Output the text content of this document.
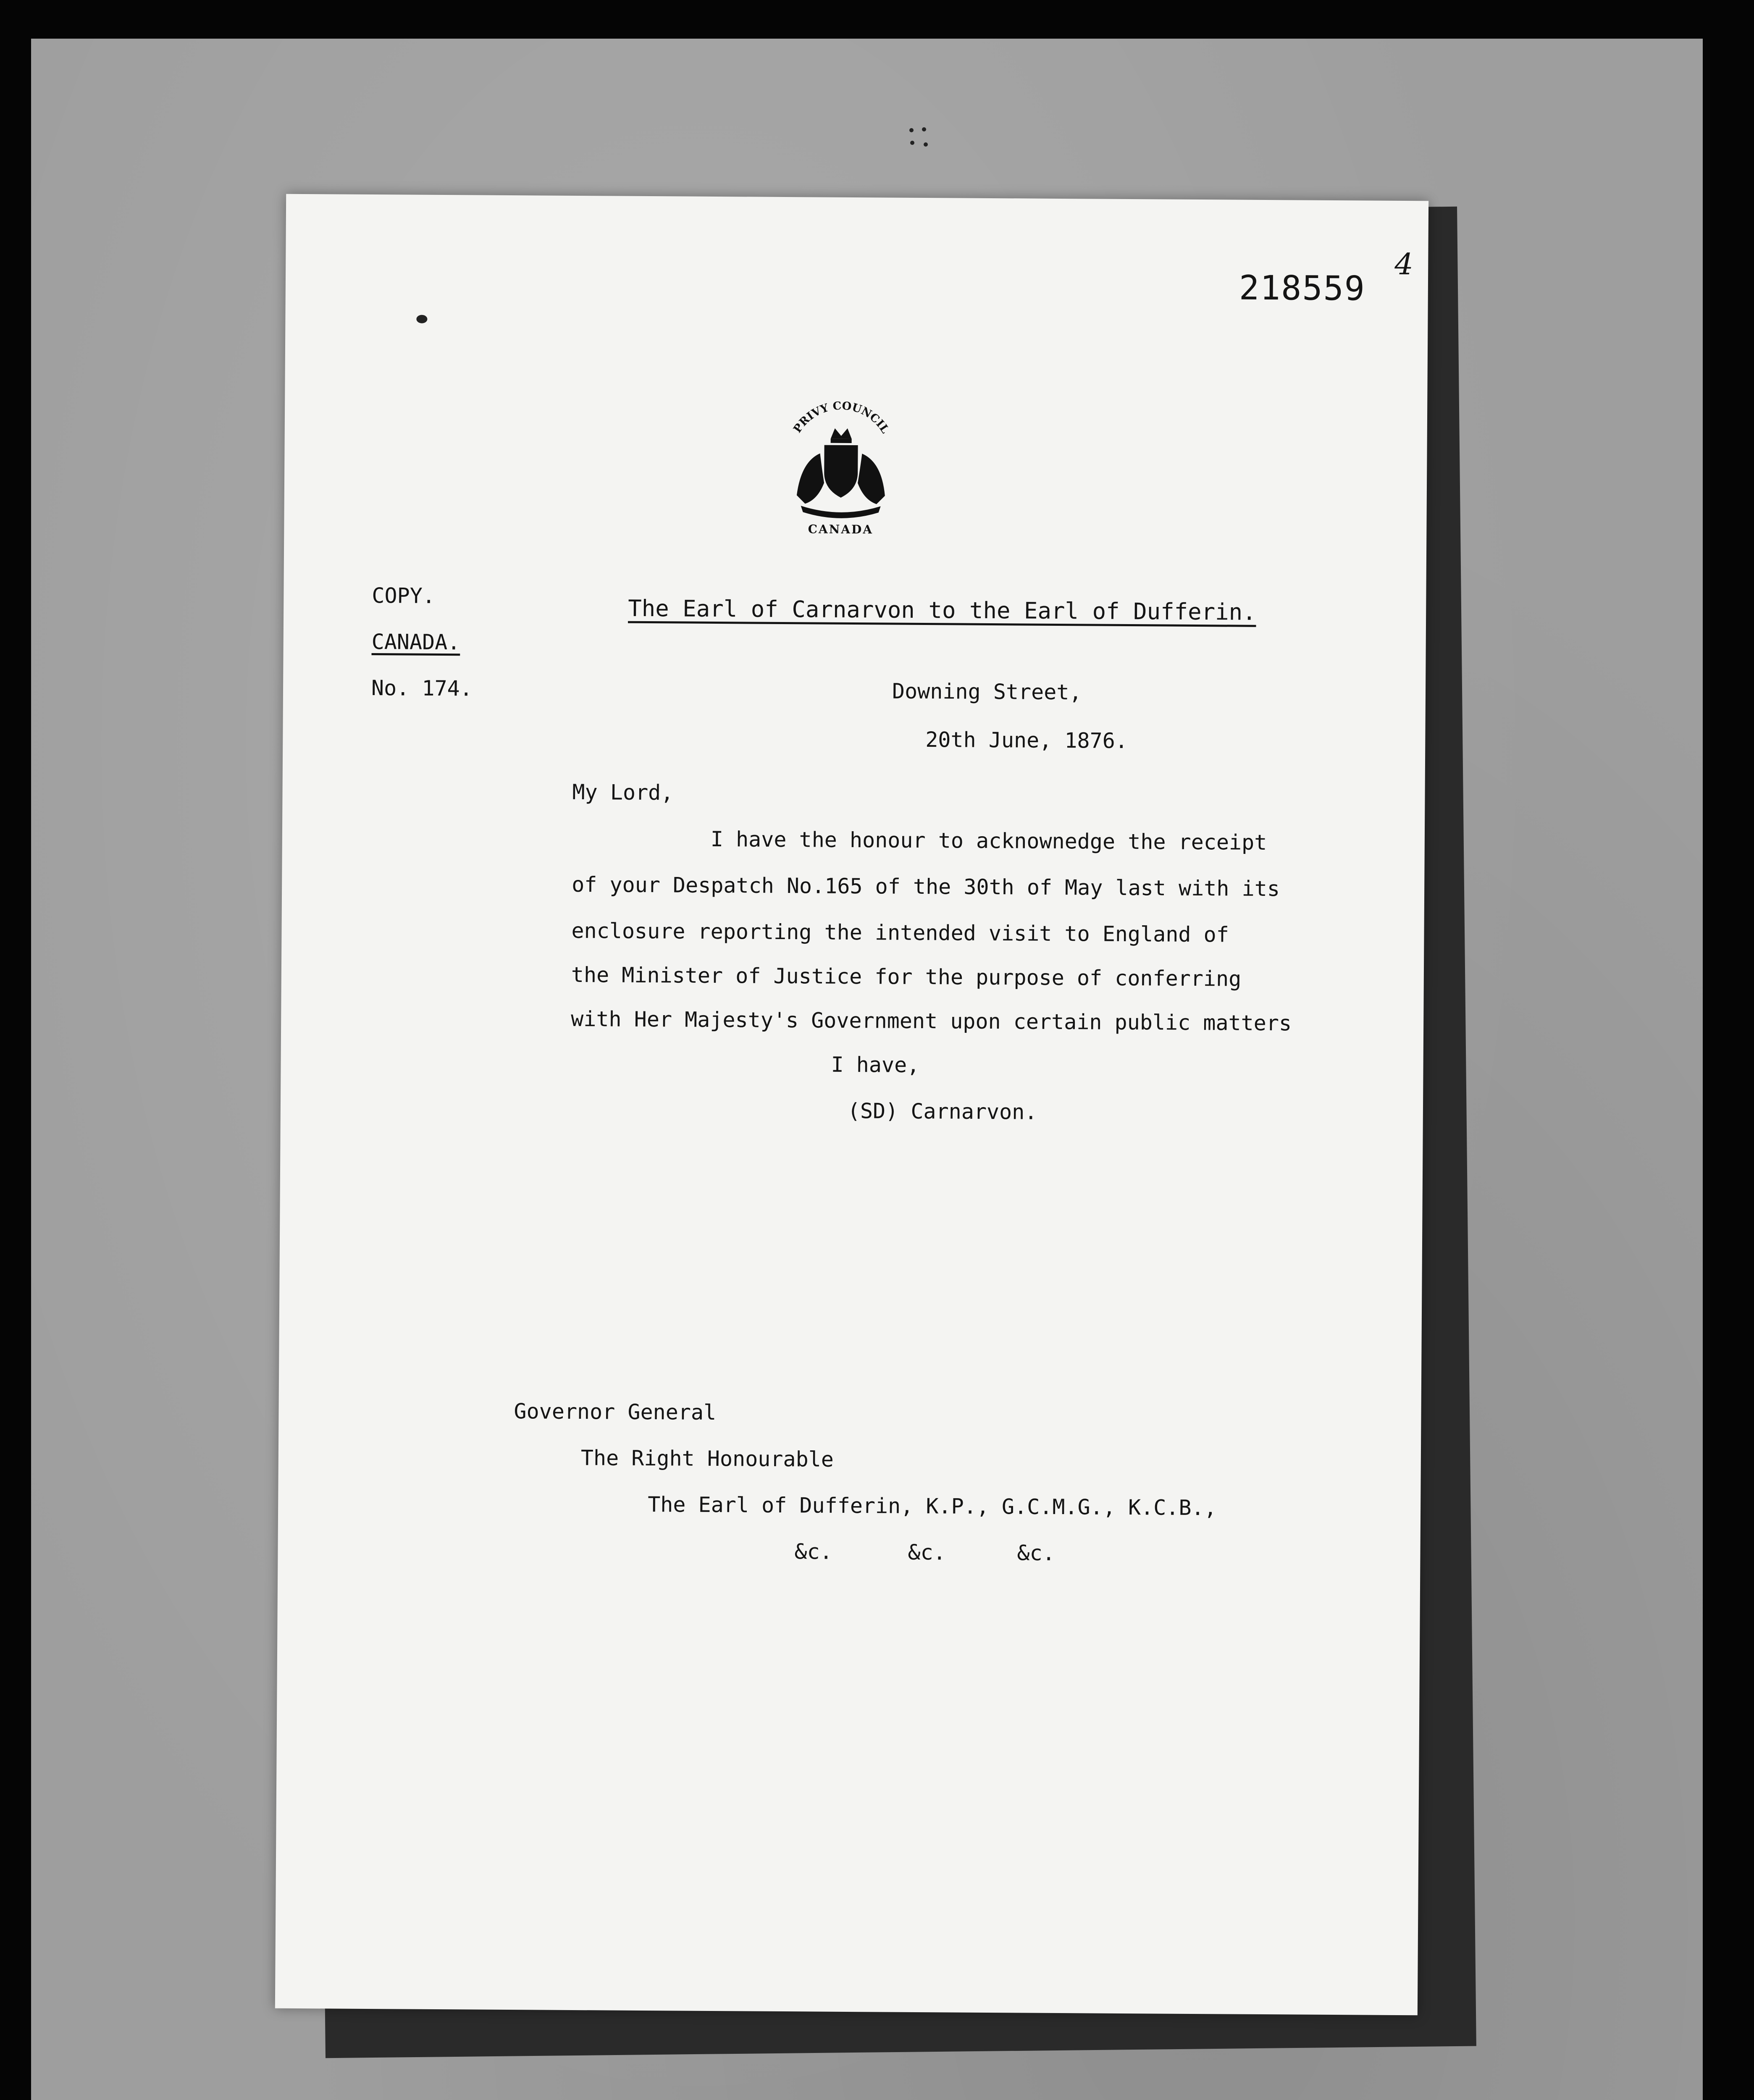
218559
4
PRIVY COUNCIL
CANADA
COPY.
CANADA.
No. 174.
The Earl of Carnarvon to the Earl of Dufferin.
Downing Street,
20th June, 1876.
My Lord,
I have the honour to acknownedge the receipt
of your Despatch No.165 of the 30th of May last with its
enclosure reporting the intended visit to England of
the Minister of Justice for the purpose of conferring
with Her Majesty's Government upon certain public matters
I have,
(SD) Carnarvon.
Governor General
The Right Honourable
The Earl of Dufferin, K.P., G.C.M.G., K.C.B.,
&c.	&c.	&c.
